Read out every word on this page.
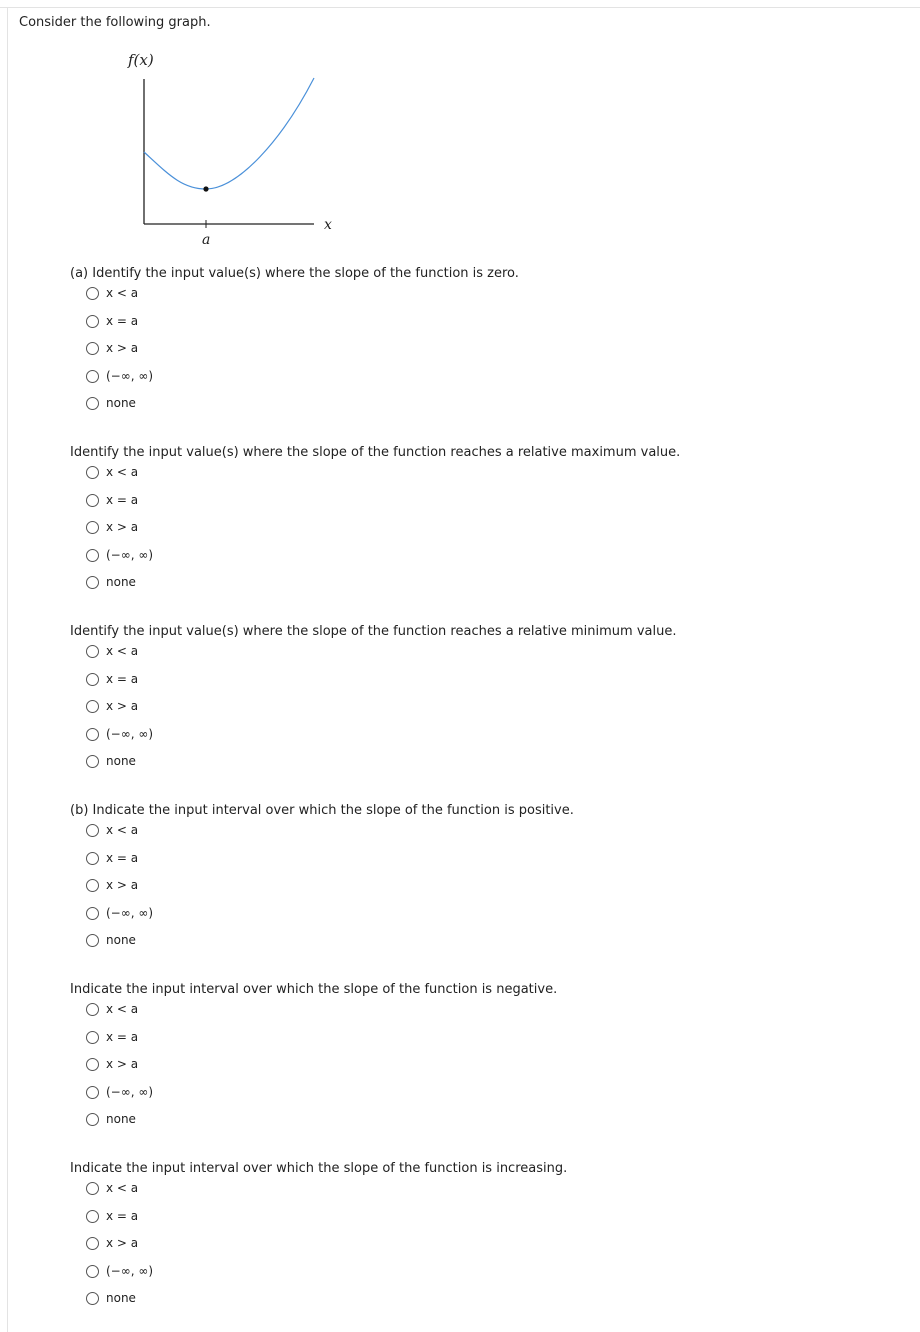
Consider the following graph.
f(x)
a
x
(a) Identify the input value(s) where the slope of the function is zero.
x < a
x = a
x > a
(−∞, ∞)
none
Identify the input value(s) where the slope of the function reaches a relative maximum value.
x < a
x = a
x > a
(−∞, ∞)
none
Identify the input value(s) where the slope of the function reaches a relative minimum value.
x < a
x = a
x > a
(−∞, ∞)
none
(b) Indicate the input interval over which the slope of the function is positive.
x < a
x = a
x > a
(−∞, ∞)
none
Indicate the input interval over which the slope of the function is negative.
x < a
x = a
x > a
(−∞, ∞)
none
Indicate the input interval over which the slope of the function is increasing.
x < a
x = a
x > a
(−∞, ∞)
none
